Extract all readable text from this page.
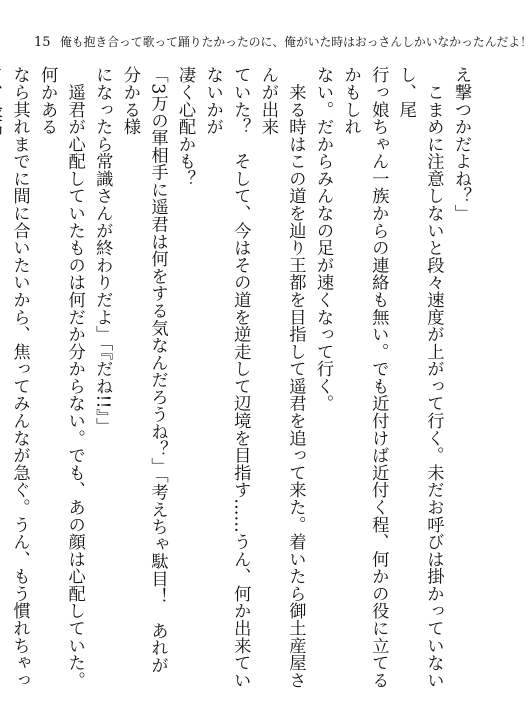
15 俺も抱き合って歌って踊りたかったのに、俺がいた時はおっさんしかいなかったんだよ！

え撃つかだよね？」

　こまめに注意しないと段々速度が上がって行く。未だお呼びは掛かっていないし、尾

行っ娘ちゃん一族からの連絡も無い。でも近付けば近付く程、何かの役に立てるかもしれ

ない。だからみんなの足が速くなって行く。

　来る時はこの道を辿り王都を目指して遥君を追って来た。着いたら御土産屋さんが出来

ていた？　そして、今はその道を逆走して辺境を目指す……うん、何か出来ていないかが

凄く心配かも？

「3万の軍相手に遥君は何をする気なんだろうね？」「考えちゃ駄目！　あれが分かる様

になったら常識さんが終わりだよ」「『だね!!』」

　遥君が心配していたものは何だか分からない。でも、あの顔は心配していた。何かある

なら其れまでに間に合いたいから、焦ってみんなが急ぐ。うん、もう慣れちゃっ
